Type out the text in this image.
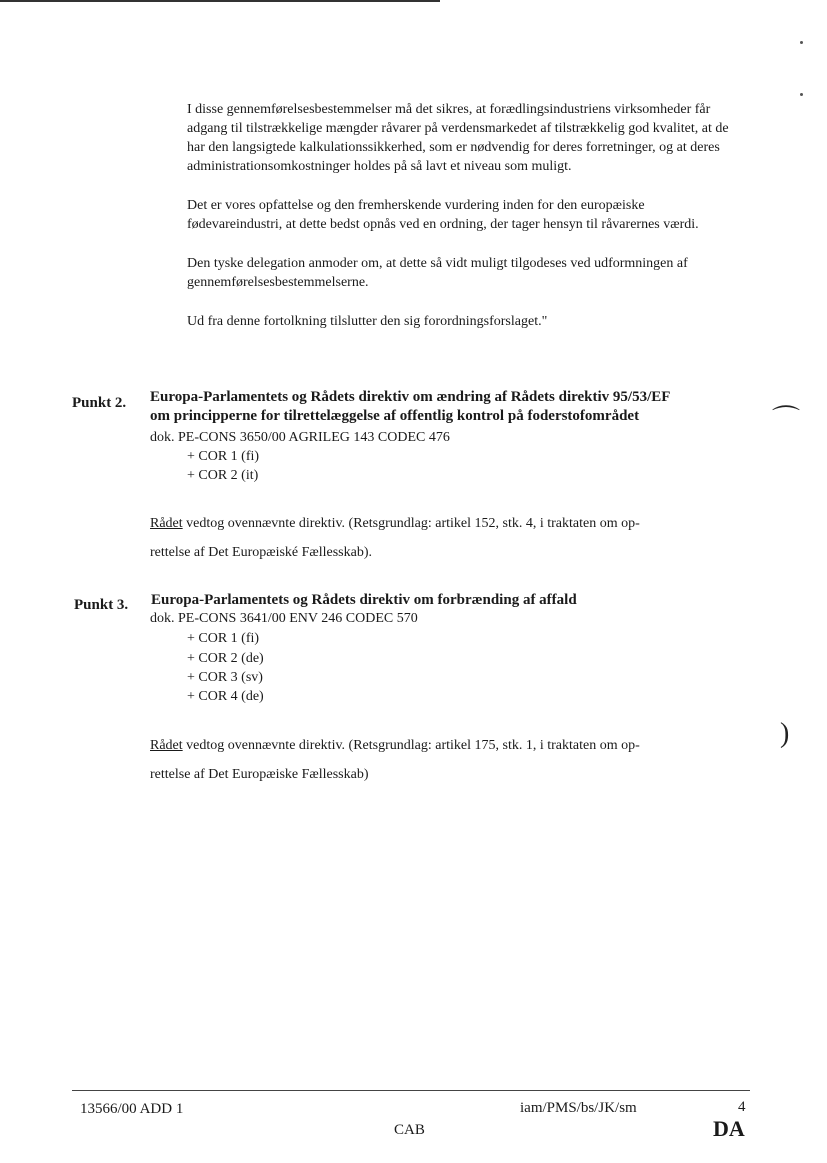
I disse gennemførelsesbestemmelser må det sikres, at forædlingsindustriens virksomheder får adgang til tilstrækkelige mængder råvarer på verdensmarkedet af tilstrækkelig god kvalitet, at de har den langsigtede kalkulationssikkerhed, som er nødvendig for deres forretninger, og at deres administrationsomkostninger holdes på så lavt et niveau som muligt.

Det er vores opfattelse og den fremherskende vurdering inden for den europæiske fødevareindustri, at dette bedst opnås ved en ordning, der tager hensyn til råvarernes værdi.

Den tyske delegation anmoder om, at dette så vidt muligt tilgodeses ved udformningen af gennemførelsesbestemmelserne.

Ud fra denne fortolkning tilslutter den sig forordningsforslaget."

Punkt 2. Europa-Parlamentets og Rådets direktiv om ændring af Rådets direktiv 95/53/EF
om principperne for tilrettelæggelse af offentlig kontrol på foderstofområdet
dok. PE-CONS 3650/00 AGRILEG 143 CODEC 476
+ COR 1 (fi)
+ COR 2 (it)
Rådet vedtog ovennævnte direktiv. (Retsgrundlag: artikel 152, stk. 4, i traktaten om op-
rettelse af Det Europæiské Fællesskab).
Punkt 3. Europa-Parlamentets og Rådets direktiv om forbrænding af affald
dok. PE-CONS 3641/00 ENV 246 CODEC 570
+ COR 1 (fi)
+ COR 2 (de)
+ COR 3 (sv)
+ COR 4 (de)
Rådet vedtog ovennævnte direktiv. (Retsgrundlag: artikel 175, stk. 1, i traktaten om op-
rettelse af Det Europæiske Fællesskab)
⌒
)
13566/00 ADD 1	iam/PMS/bs/JK/sm	4
CAB	DA
